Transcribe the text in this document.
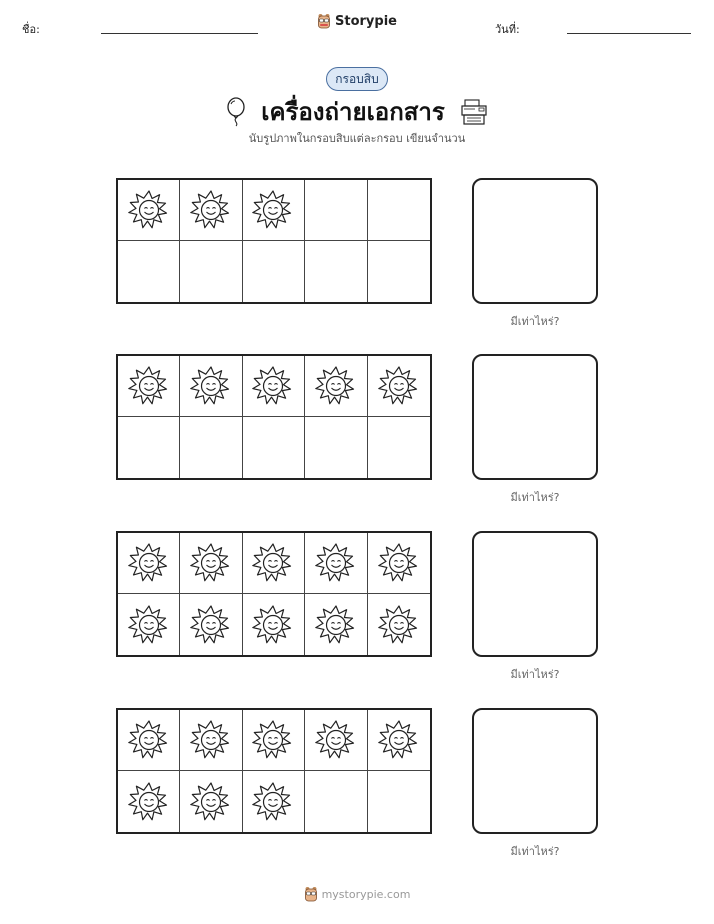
ชื่อ:
Storypie
วันที่:
กรอบสิบ
เครื่องถ่ายเอกสาร
นับรูปภาพในกรอบสิบแต่ละกรอบ เขียนจำนวน
มีเท่าไหร่?
มีเท่าไหร่?
มีเท่าไหร่?
มีเท่าไหร่?
mystorypie.com
